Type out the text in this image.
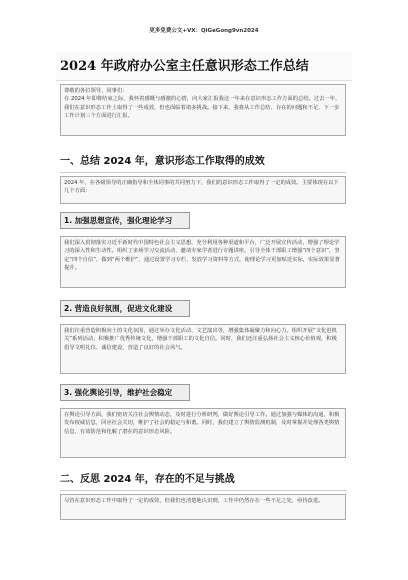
更多免费公文+VX：QiGeGong9vn2024
2024 年政府办公室主任意识形态工作总结

尊敬的各位领导、同事们：

在 2024 年即将结束之际，我怀着感慨与感激的心情，向大家汇报我这一年来在意识形态工作方面的总结。过去一年，我们在意识形态工作上取得了一些成效，但也面临着诸多挑战。接下来，我将从工作总结、存在的问题和不足、下一步工作计划三个方面进行汇报。

一、总结 2024 年，意识形态工作取得的成效

2024 年，在各级领导的正确指导和全体同事的共同努力下，我们的意识形态工作取得了一定的成效。主要体现在以下几个方面：

1. 加强思想宣传，强化理论学习

我们深入贯彻落实习近平新时代中国特色社会主义思想，充分利用各种渠道和平台，广泛开展宣传活动，增强了理论学习的深入性和生动性。组织了多场学习交流活动，邀请专家学者进行专题讲座，引导全体干部职工增强“四个意识”，坚定“四个自信”，做到“两个维护”，通过设置学习专栏、发放学习资料等方式，使理论学习更加贴近实际，实际效果显著提升。

2. 营造良好氛围，促进文化建设

我们注重营造积极向上的文化氛围，通过举办文化活动、文艺演出等，增强集体凝聚力和向心力。组织开展“文化进机关”系列活动，积极推广优秀传统文化，增强干部职工的文化自信。同时，我们还注重弘扬社会主义核心价值观，积极倡导文明礼仪、诚信建设，营造了良好的社会风气。

3. 强化舆论引导，维护社会稳定

在舆论引导方面，我们密切关注社会舆情动态，及时进行分析研判，做好舆论引导工作。通过加强与媒体的沟通，积极发布权威信息，回应社会关切，维护了社会的稳定与和谐。同时，我们建立了舆情监测机制，及时掌握并处理各类舆情信息，有效防范和化解了潜在的意识形态风险。

二、反思 2024 年，存在的不足与挑战

尽管在意识形态工作中取得了一定的成效，但我们也清楚地认识到，工作中仍然存在一些不足之处，亟待改进。
